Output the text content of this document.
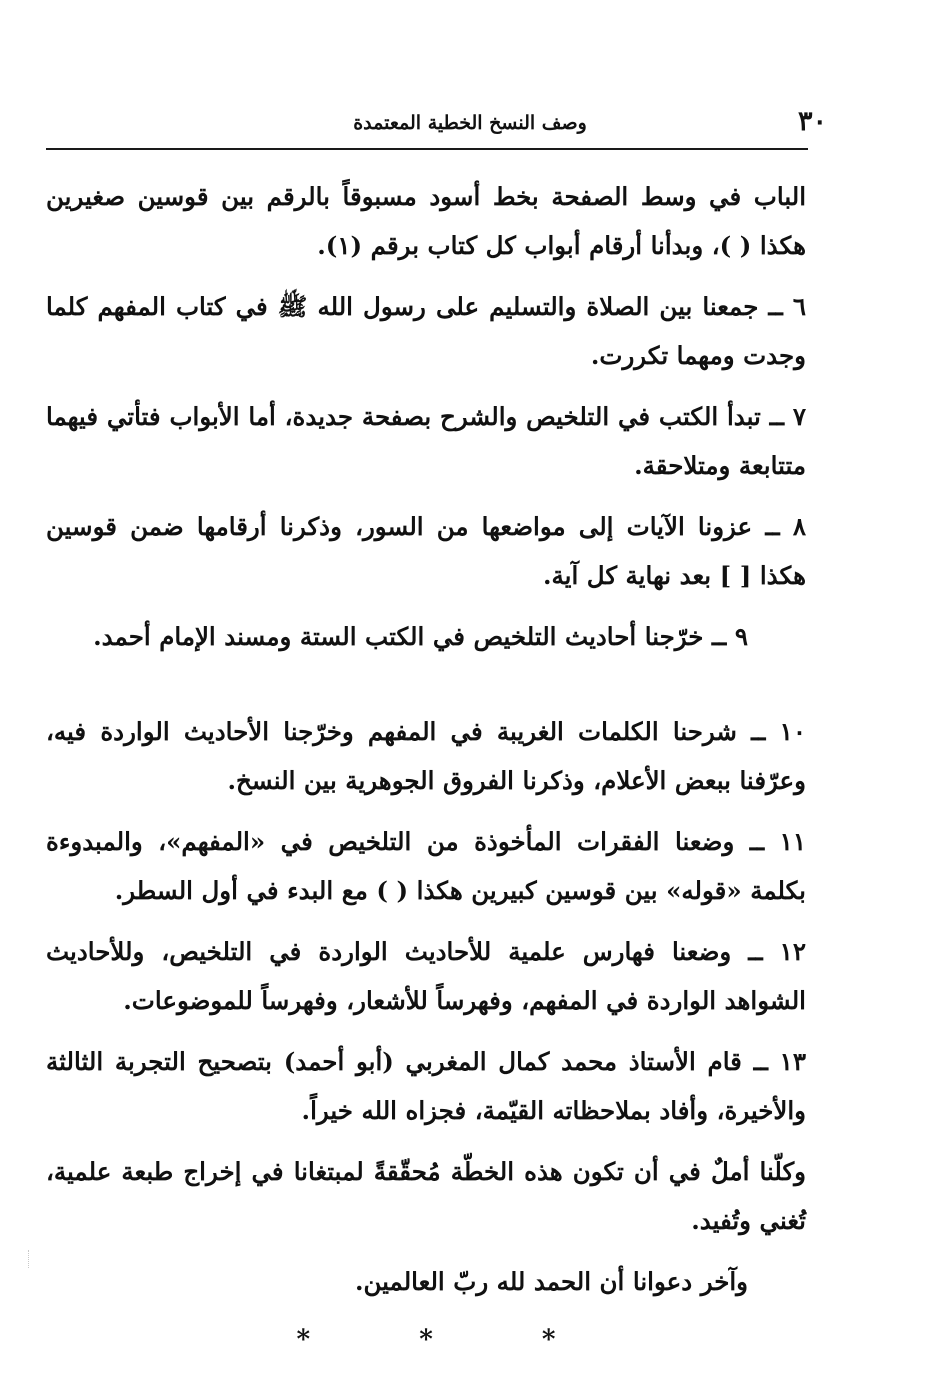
٣٠
وصف النسخ الخطية المعتمدة

الباب في وسط الصفحة بخط أسود مسبوقاً بالرقم بين قوسين صغيرين هكذا ( )، وبدأنا أرقام أبواب كل كتاب برقم (١).

٦ ــ جمعنا بين الصلاة والتسليم على رسول الله ﷺ في كتاب المفهم كلما وجدت ومهما تكررت.

٧ ــ تبدأ الكتب في التلخيص والشرح بصفحة جديدة، أما الأبواب فتأتي فيهما متتابعة ومتلاحقة.

٨ ــ عزونا الآيات إلى مواضعها من السور، وذكرنا أرقامها ضمن قوسين هكذا [ ] بعد نهاية كل آية.

٩ ــ خرّجنا أحاديث التلخيص في الكتب الستة ومسند الإمام أحمد.

١٠ ــ شرحنا الكلمات الغريبة في المفهم وخرّجنا الأحاديث الواردة فيه، وعرّفنا ببعض الأعلام، وذكرنا الفروق الجوهرية بين النسخ.

١١ ــ وضعنا الفقرات المأخوذة من التلخيص في «المفهم»، والمبدوءة بكلمة «قوله» بين قوسين كبيرين هكذا ( ) مع البدء في أول السطر.

١٢ ــ وضعنا فهارس علمية للأحاديث الواردة في التلخيص، وللأحاديث الشواهد الواردة في المفهم، وفهرساً للأشعار، وفهرساً للموضوعات.

١٣ ــ قام الأستاذ محمد كمال المغربي (أبو أحمد) بتصحيح التجربة الثالثة والأخيرة، وأفاد بملاحظاته القيّمة، فجزاه الله خيراً.

وكلّنا أملٌ في أن تكون هذه الخطّة مُحقّقةً لمبتغانا في إخراج طبعة علمية، تُغني وتُفيد.

وآخر دعوانا أن الحمد لله ربّ العالمين.

* * *
